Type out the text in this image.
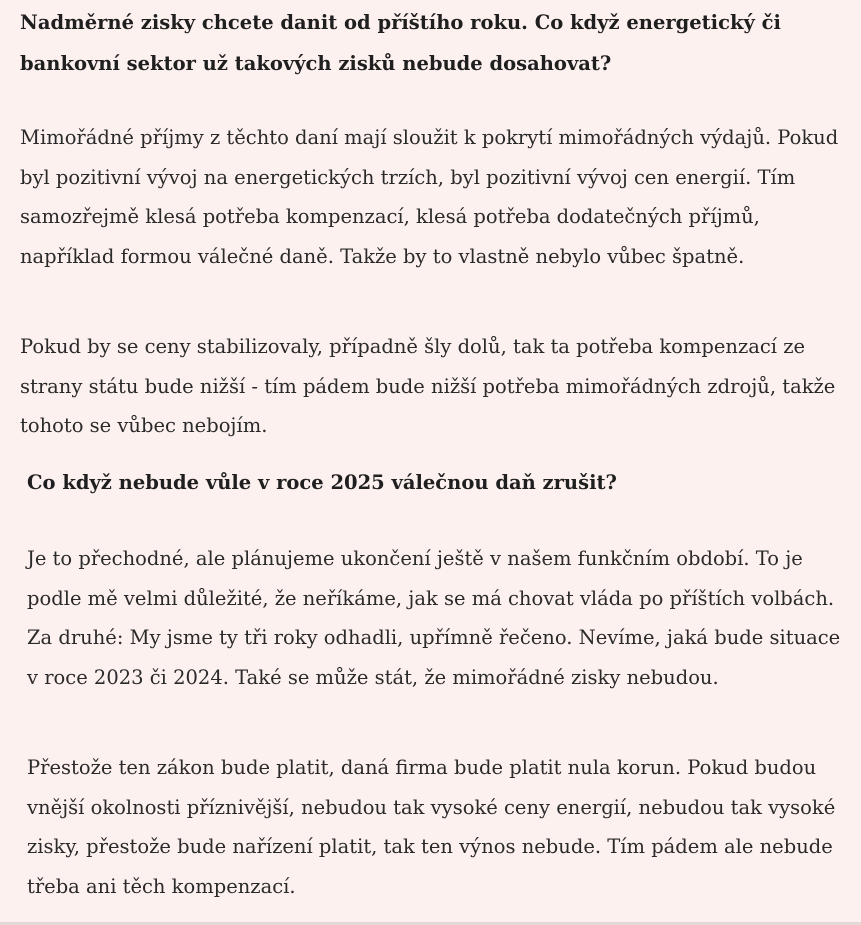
Nadměrné zisky chcete danit od příštího roku. Co když energetický či bankovní sektor už takových zisků nebude dosahovat?

Mimořádné příjmy z těchto daní mají sloužit k pokrytí mimořádných výdajů. Pokud byl pozitivní vývoj na energetických trzích, byl pozitivní vývoj cen energií. Tím samozřejmě klesá potřeba kompenzací, klesá potřeba dodatečných příjmů, například formou válečné daně. Takže by to vlastně nebylo vůbec špatně.

Pokud by se ceny stabilizovaly, případně šly dolů, tak ta potřeba kompenzací ze strany státu bude nižší - tím pádem bude nižší potřeba mimořádných zdrojů, takže tohoto se vůbec nebojím.

Co když nebude vůle v roce 2025 válečnou daň zrušit?

Je to přechodné, ale plánujeme ukončení ještě v našem funkčním období. To je podle mě velmi důležité, že neříkáme, jak se má chovat vláda po příštích volbách. Za druhé: My jsme ty tři roky odhadli, upřímně řečeno. Nevíme, jaká bude situace v roce 2023 či 2024. Také se může stát, že mimořádné zisky nebudou.

Přestože ten zákon bude platit, daná firma bude platit nula korun. Pokud budou vnější okolnosti příznivější, nebudou tak vysoké ceny energií, nebudou tak vysoké zisky, přestože bude nařízení platit, tak ten výnos nebude. Tím pádem ale nebude třeba ani těch kompenzací.
